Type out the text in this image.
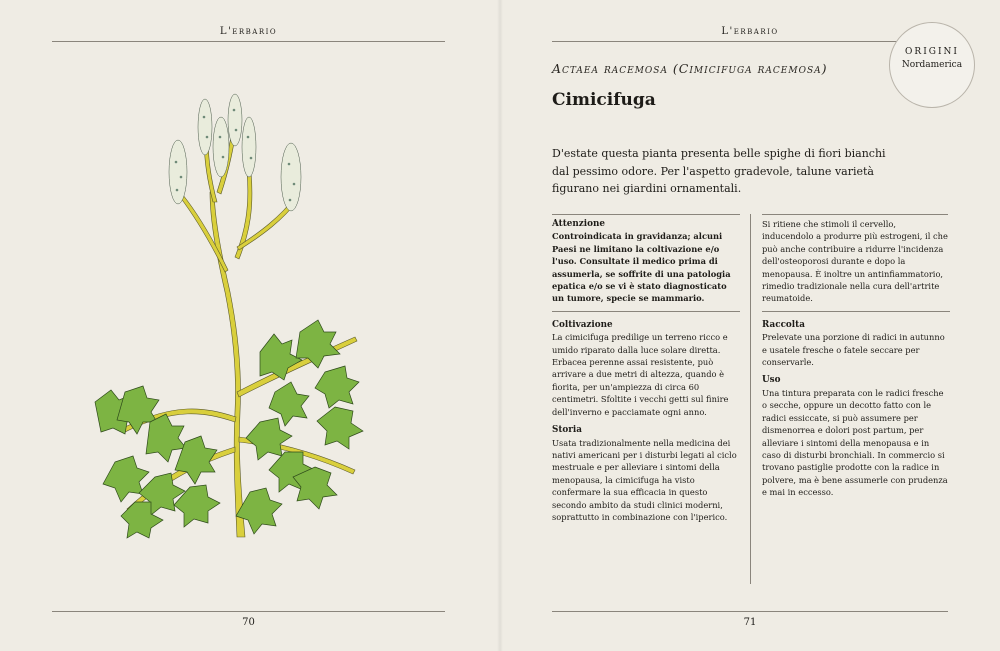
L'erbario
70
L'erbario
ORIGINI
Nordamerica
Actaea racemosa (Cimicifuga racemosa)
Cimicifuga
D'estate questa pianta presenta belle spighe di fiori bianchi dal pessimo odore. Per l'aspetto gradevole, talune varietà figurano nei giardini ornamentali.

Attenzione

Controindicata in gravidanza; alcuni Paesi ne limitano la coltivazione e/o l'uso. Consultate il medico prima di assumerla, se soffrite di una patologia epatica e/o se vi è stato diagnosticato un tumore, specie se mammario.

Coltivazione

La cimicifuga predilige un terreno ricco e umido riparato dalla luce solare diretta. Erbacea perenne assai resistente, può arrivare a due metri di altezza, quando è fiorita, per un'ampiezza di circa 60 centimetri. Sfoltite i vecchi getti sul finire dell'inverno e pacciamate ogni anno.

Storia

Usata tradizionalmente nella medicina dei nativi americani per i disturbi legati al ciclo mestruale e per alleviare i sintomi della menopausa, la cimicifuga ha visto confermare la sua efficacia in questo secondo ambito da studi clinici moderni, soprattutto in combinazione con l'iperico.

Si ritiene che stimoli il cervello, inducendolo a produrre più estrogeni, il che può anche contribuire a ridurre l'incidenza dell'osteoporosi durante e dopo la menopausa. È inoltre un antinfiammatorio, rimedio tradizionale nella cura dell'artrite reumatoide.

Raccolta

Prelevate una porzione di radici in autunno e usatele fresche o fatele seccare per conservarle.

Uso

Una tintura preparata con le radici fresche o secche, oppure un decotto fatto con le radici essiccate, si può assumere per dismenorrea e dolori post partum, per alleviare i sintomi della menopausa e in caso di disturbi bronchiali. In commercio si trovano pastiglie prodotte con la radice in polvere, ma è bene assumerle con prudenza e mai in eccesso.

71
